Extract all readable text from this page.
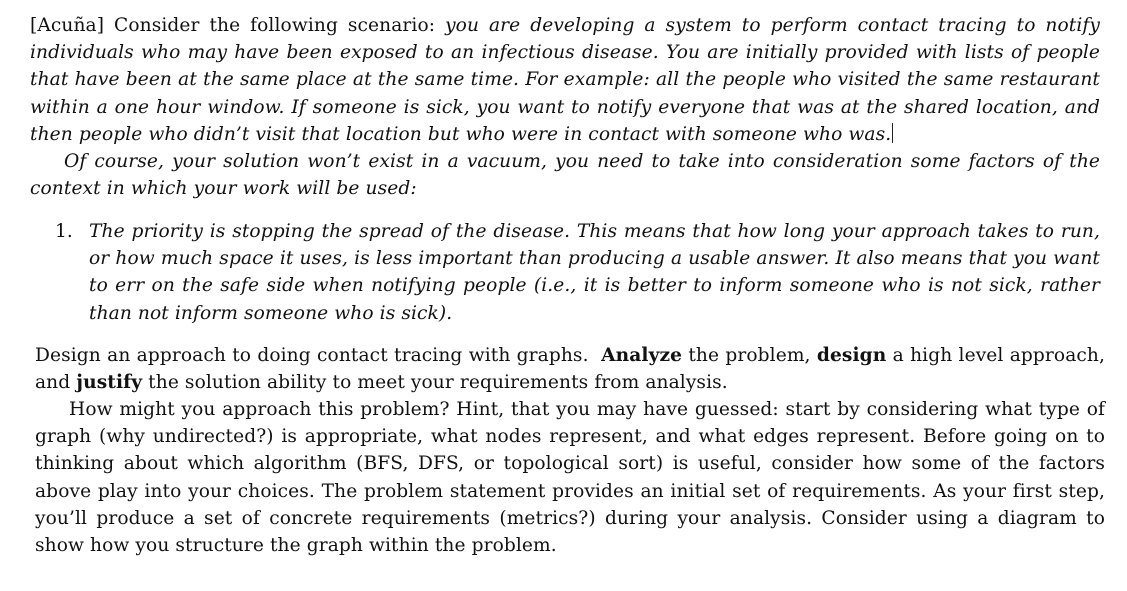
[Acuña] Consider the following scenario: you are developing a system to perform contact tracing to notify individuals who may have been exposed to an infectious disease. You are initially provided with lists of people that have been at the same place at the same time. For example: all the people who visited the same restaurant within a one hour window. If someone is sick, you want to notify everyone that was at the shared location, and then people who didn’t visit that location but who were in contact with someone who was.

Of course, your solution won’t exist in a vacuum, you need to take into consideration some factors of the context in which your work will be used:

1. The priority is stopping the spread of the disease. This means that how long your approach takes to run, or how much space it uses, is less important than producing a usable answer. It also means that you want to err on the safe side when notifying people (i.e., it is better to inform someone who is not sick, rather than not inform someone who is sick).

Design an approach to doing contact tracing with graphs. Analyze the problem, design a high level approach, and justify the solution ability to meet your requirements from analysis.

How might you approach this problem? Hint, that you may have guessed: start by considering what type of graph (why undirected?) is appropriate, what nodes represent, and what edges represent. Before going on to thinking about which algorithm (BFS, DFS, or topological sort) is useful, consider how some of the factors above play into your choices. The problem statement provides an initial set of requirements. As your first step, you’ll produce a set of concrete requirements (metrics?) during your analysis. Consider using a diagram to show how you structure the graph within the problem.
